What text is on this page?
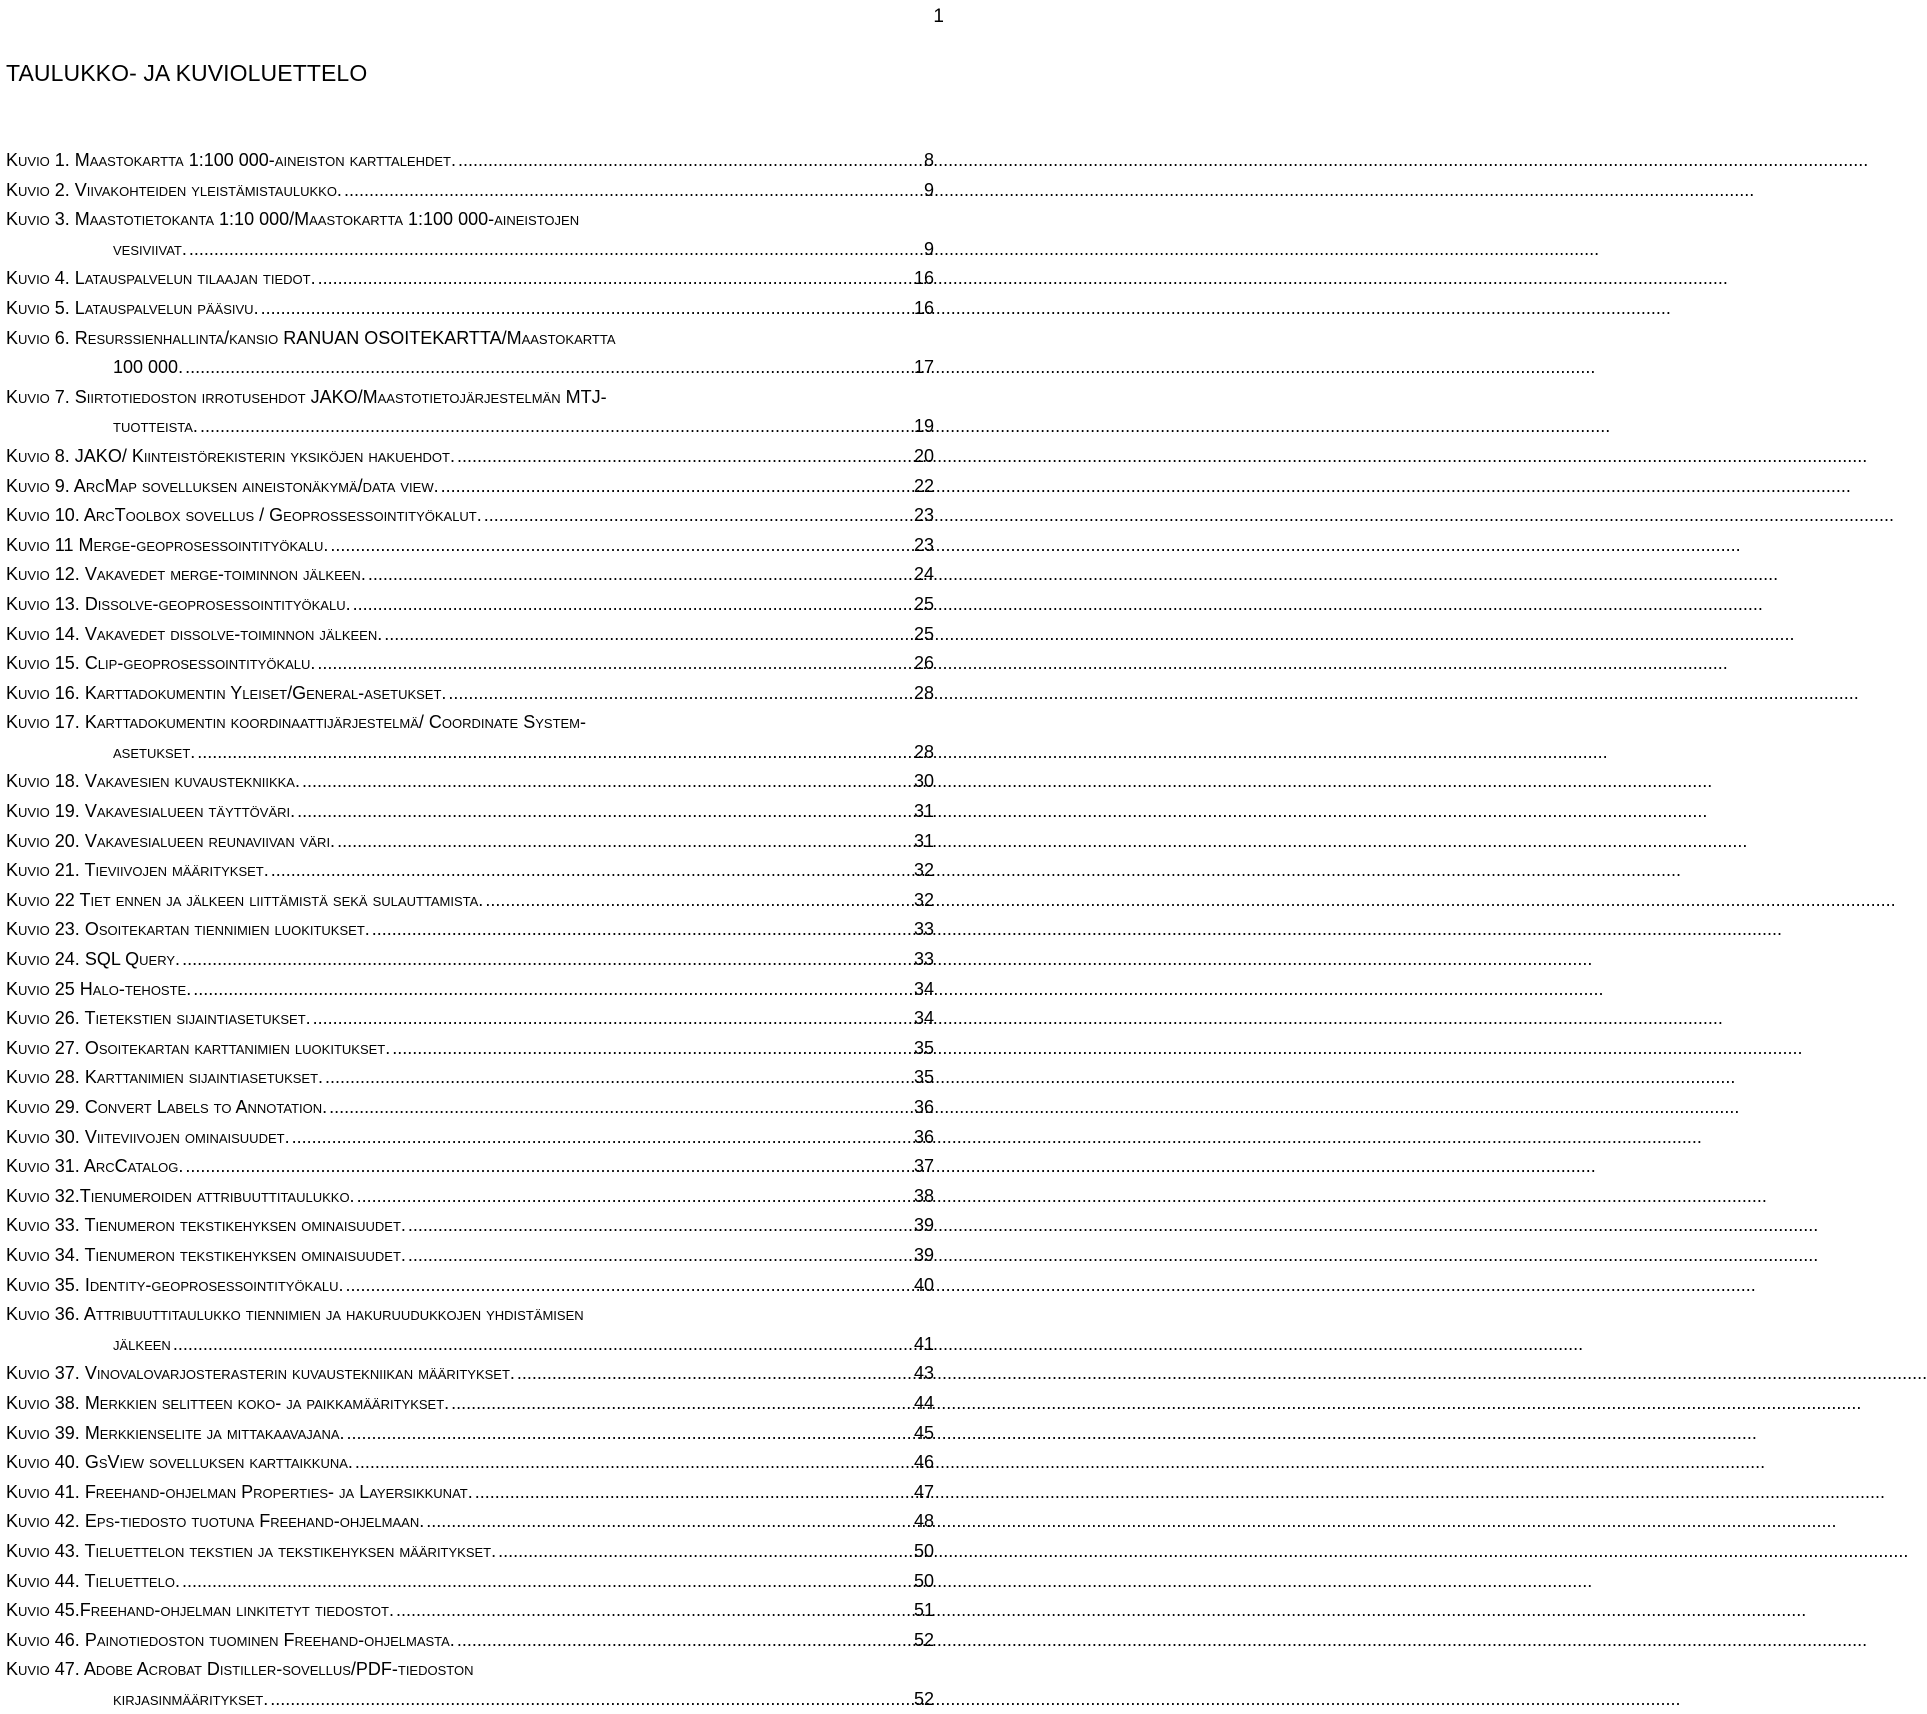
1
TAULUKKO- JA KUVIOLUETTELO
Kuvio 1. Maastokartta 1:100 000-aineiston karttalehdet. .....	8
Kuvio 2. Viivakohteiden yleistämistaulukko. .....	9
Kuvio 3. Maastotietokanta 1:10 000/Maastokartta 1:100 000-aineistojen
vesiviivat. .....	9
Kuvio 4. Latauspalvelun tilaajan tiedot. .....	16
Kuvio 5. Latauspalvelun pääsivu. .....	16
Kuvio 6. Resurssienhallinta/kansio RANUAN OSOITEKARTTA/Maastokartta
100 000. .....	17
Kuvio 7. Siirtotiedoston irrotusehdot JAKO/Maastotietojärjestelmän MTJ-
tuotteista. .....	19
Kuvio 8. JAKO/ Kiinteistörekisterin yksiköjen hakuehdot. .....	20
Kuvio 9. ArcMap sovelluksen aineistonäkymä/data view. .....	22
Kuvio 10. ArcToolbox sovellus / Geoprossessointityökalut. .....	23
Kuvio 11 Merge-geoprosessointityökalu. .....	23
Kuvio 12. Vakavedet merge-toiminnon jälkeen. .....	24
Kuvio 13. Dissolve-geoprosessointityökalu. .....	25
Kuvio 14. Vakavedet dissolve-toiminnon jälkeen. .....	25
Kuvio 15. Clip-geoprosessointityökalu. .....	26
Kuvio 16. Karttadokumentin Yleiset/General-asetukset. .....	28
Kuvio 17. Karttadokumentin koordinaattijärjestelmä/ Coordinate System-
asetukset. .....	28
Kuvio 18. Vakavesien kuvaustekniikka. .....	30
Kuvio 19. Vakavesialueen täyttöväri. .....	31
Kuvio 20. Vakavesialueen reunaviivan väri. .....	31
Kuvio 21. Tieviivojen määritykset. .....	32
Kuvio 22 Tiet ennen ja jälkeen liittämistä sekä sulauttamista. .....	32
Kuvio 23. Osoitekartan tiennimien luokitukset. .....	33
Kuvio 24. SQL Query. .....	33
Kuvio 25 Halo-tehoste. .....	34
Kuvio 26. Tietekstien sijaintiasetukset. .....	34
Kuvio 27. Osoitekartan karttanimien luokitukset. .....	35
Kuvio 28. Karttanimien sijaintiasetukset. .....	35
Kuvio 29. Convert Labels to Annotation. .....	36
Kuvio 30. Viiteviivojen ominaisuudet. .....	36
Kuvio 31. ArcCatalog. .....	37
Kuvio 32.Tienumeroiden attribuuttitaulukko. .....	38
Kuvio 33. Tienumeron tekstikehyksen ominaisuudet. .....	39
Kuvio 34. Tienumeron tekstikehyksen ominaisuudet. .....	39
Kuvio 35. Identity-geoprosessointityökalu. .....	40
Kuvio 36. Attribuuttitaulukko tiennimien ja hakuruudukkojen yhdistämisen
jälkeen .....	41
Kuvio 37. Vinovalovarjosterasterin kuvaustekniikan määritykset. .....	43
Kuvio 38. Merkkien selitteen koko- ja paikkamääritykset. .....	44
Kuvio 39. Merkkienselite ja mittakaavajana. .....	45
Kuvio 40. GsView sovelluksen karttaikkuna. .....	46
Kuvio 41. Freehand-ohjelman Properties- ja Layersikkunat. .....	47
Kuvio 42. Eps-tiedosto tuotuna Freehand-ohjelmaan. .....	48
Kuvio 43. Tieluettelon tekstien ja tekstikehyksen määritykset. .....	50
Kuvio 44. Tieluettelo. .....	50
Kuvio 45.Freehand-ohjelman linkitetyt tiedostot. .....	51
Kuvio 46. Painotiedoston tuominen Freehand-ohjelmasta. .....	52
Kuvio 47. Adobe Acrobat Distiller-sovellus/PDF-tiedoston
kirjasinmääritykset. .....	52
